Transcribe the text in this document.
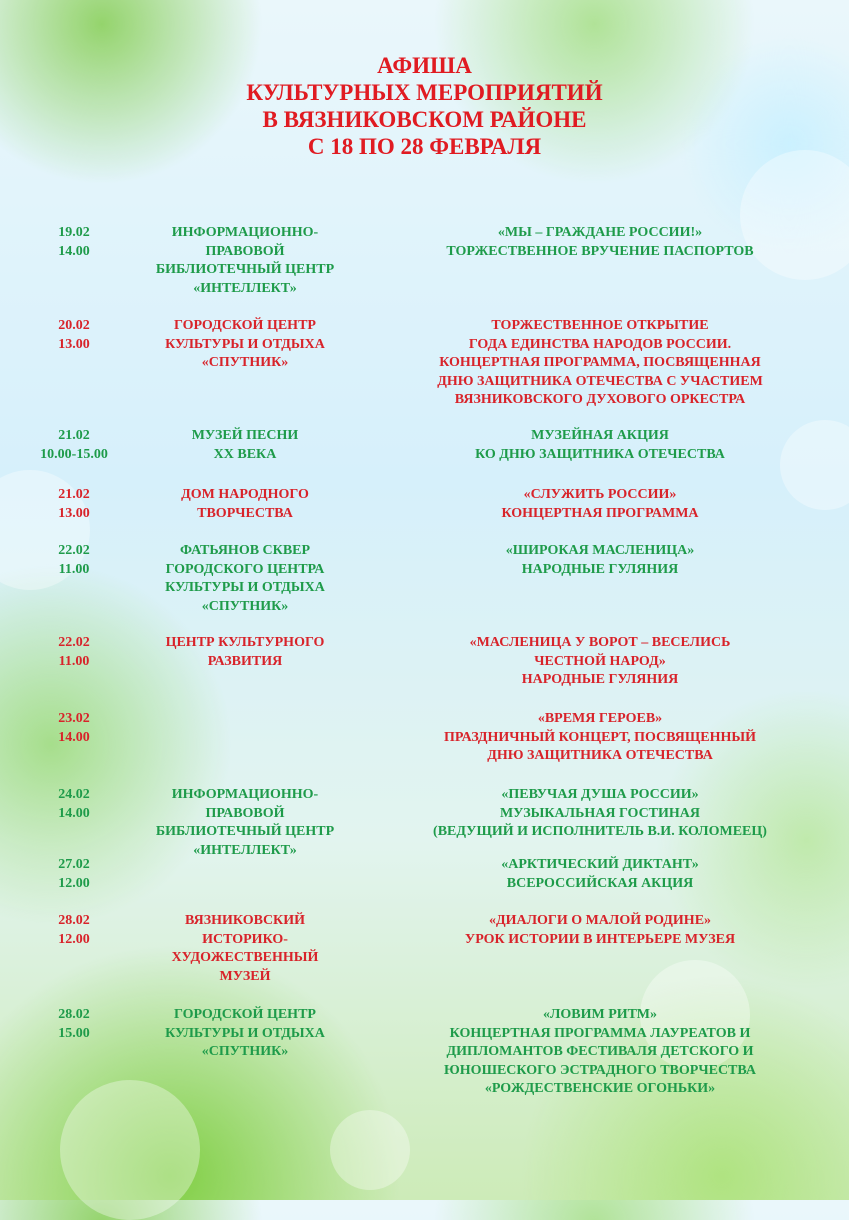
АФИША
КУЛЬТУРНЫХ МЕРОПРИЯТИЙ
В ВЯЗНИКОВСКОМ РАЙОНЕ
С 18 ПО 28 ФЕВРАЛЯ
19.02
14.00
ИНФОРМАЦИОННО-
ПРАВОВОЙ
БИБЛИОТЕЧНЫЙ ЦЕНТР
«ИНТЕЛЛЕКТ»
«МЫ – ГРАЖДАНЕ РОССИИ!»
ТОРЖЕСТВЕННОЕ ВРУЧЕНИЕ ПАСПОРТОВ
20.02
13.00
ГОРОДСКОЙ ЦЕНТР
КУЛЬТУРЫ И ОТДЫХА
«СПУТНИК»
ТОРЖЕСТВЕННОЕ ОТКРЫТИЕ
ГОДА ЕДИНСТВА НАРОДОВ РОССИИ.
КОНЦЕРТНАЯ ПРОГРАММА, ПОСВЯЩЕННАЯ
ДНЮ ЗАЩИТНИКА ОТЕЧЕСТВА С УЧАСТИЕМ
ВЯЗНИКОВСКОГО ДУХОВОГО ОРКЕСТРА
21.02
10.00-15.00
МУЗЕЙ ПЕСНИ
XX ВЕКА
МУЗЕЙНАЯ АКЦИЯ
КО ДНЮ ЗАЩИТНИКА ОТЕЧЕСТВА
21.02
13.00
ДОМ НАРОДНОГО
ТВОРЧЕСТВА
«СЛУЖИТЬ РОССИИ»
КОНЦЕРТНАЯ ПРОГРАММА
22.02
11.00
ФАТЬЯНОВ СКВЕР
ГОРОДСКОГО ЦЕНТРА
КУЛЬТУРЫ И ОТДЫХА
«СПУТНИК»
«ШИРОКАЯ МАСЛЕНИЦА»
НАРОДНЫЕ ГУЛЯНИЯ
22.02
11.00
ЦЕНТР КУЛЬТУРНОГО
РАЗВИТИЯ
«МАСЛЕНИЦА У ВОРОТ – ВЕСЕЛИСЬ
ЧЕСТНОЙ НАРОД»
НАРОДНЫЕ ГУЛЯНИЯ
23.02
14.00
«ВРЕМЯ ГЕРОЕВ»
ПРАЗДНИЧНЫЙ КОНЦЕРТ, ПОСВЯЩЕННЫЙ
ДНЮ ЗАЩИТНИКА ОТЕЧЕСТВА
24.02
14.00
ИНФОРМАЦИОННО-
ПРАВОВОЙ
БИБЛИОТЕЧНЫЙ ЦЕНТР
«ИНТЕЛЛЕКТ»
«ПЕВУЧАЯ ДУША РОССИИ»
МУЗЫКАЛЬНАЯ ГОСТИНАЯ
(ВЕДУЩИЙ И ИСПОЛНИТЕЛЬ В.И. КОЛОМЕЕЦ)
27.02
12.00
«АРКТИЧЕСКИЙ ДИКТАНТ»
ВСЕРОССИЙСКАЯ АКЦИЯ
28.02
12.00
ВЯЗНИКОВСКИЙ
ИСТОРИКО-
ХУДОЖЕСТВЕННЫЙ
МУЗЕЙ
«ДИАЛОГИ О МАЛОЙ РОДИНЕ»
УРОК ИСТОРИИ В ИНТЕРЬЕРЕ МУЗЕЯ
28.02
15.00
ГОРОДСКОЙ ЦЕНТР
КУЛЬТУРЫ И ОТДЫХА
«СПУТНИК»
«ЛОВИМ РИТМ»
КОНЦЕРТНАЯ ПРОГРАММА ЛАУРЕАТОВ И
ДИПЛОМАНТОВ ФЕСТИВАЛЯ ДЕТСКОГО И
ЮНОШЕСКОГО ЭСТРАДНОГО ТВОРЧЕСТВА
«РОЖДЕСТВЕНСКИЕ ОГОНЬКИ»
